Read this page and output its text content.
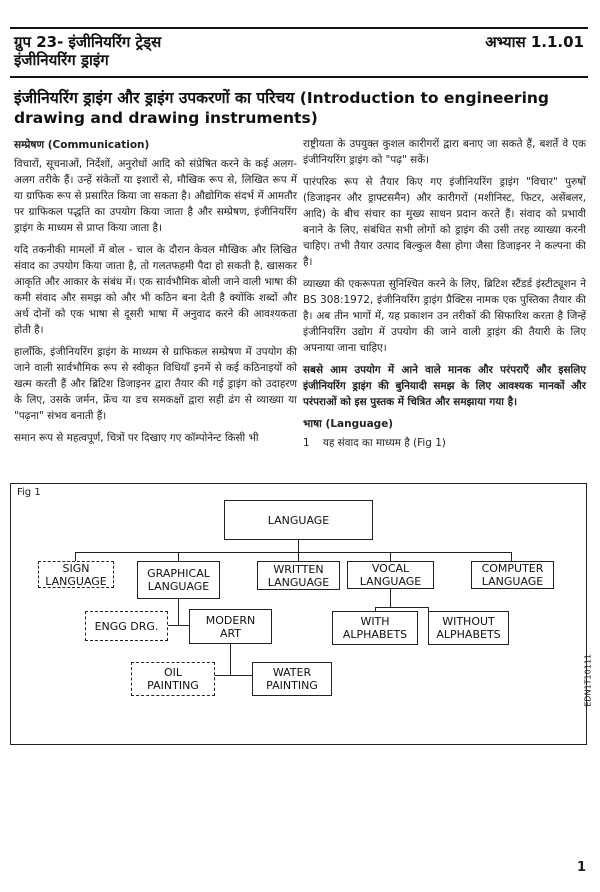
ग्रुप 23- इंजीनियरिंग ट्रेड्स
इंजीनियरिंग ड्राइंग
अभ्यास 1.1.01
इंजीनियरिंग ड्राइंग और ड्राइंग उपकरणों का परिचय (Introduction to engineering drawing and drawing instruments)
सम्प्रेषण (Communication)

विचारों, सूचनाओं, निर्देशों, अनुरोधों आदि को संप्रेषित करने के कई अलग-अलग तरीके हैं। उन्हें संकेतों या इशारों से, मौखिक रूप से, लिखित रूप में या ग्राफिक रूप से प्रसारित किया जा सकता है। औद्योगिक संदर्भ में आमतौर पर ग्राफिकल पद्धति का उपयोग किया जाता है और सम्प्रेषण, इंजीनियरिंग ड्राइंग के माध्यम से प्राप्त किया जाता है।

यदि तकनीकी मामलों में बोल - चाल के दौरान केवल मौखिक और लिखित संवाद का उपयोग किया जाता है, तो गलतफहमी पैदा हो सकती है, खासकर आकृति और आकार के संबंध में। एक सार्वभौमिक बोली जाने वाली भाषा की कमी संवाद और समझ को और भी कठिन बना देती है क्योंकि शब्दों और अर्थ दोनों को एक भाषा से दूसरी भाषा में अनुवाद करने की आवश्यकता होती है।

हालाँकि, इंजीनियरिंग ड्राइंग के माध्यम से ग्राफिकल सम्प्रेषण में उपयोग की जाने वाली सार्वभौमिक रूप से स्वीकृत विधियाँ इनमें से कई कठिनाइयों को खत्म करती हैं और ब्रिटिश डिजाइनर द्वारा तैयार की गई ड्राइंग को उदाहरण के लिए, उसके जर्मन, फ्रेंच या डच समकक्षों द्वारा सही ढंग से व्याख्या या "पढ़ना" संभव बनाती हैं।

समान रूप से महत्वपूर्ण, चित्रों पर दिखाए गए कॉम्पोनेन्ट किसी भी

राष्ट्रीयता के उपयुक्त कुशल कारीगरों द्वारा बनाए जा सकते हैं, बशर्ते वे एक इंजीनियरिंग ड्राइंग को "पढ़" सकें।

पारंपरिक रूप से तैयार किए गए इंजीनियरिंग ड्राइंग "विचार" पुरुषों (डिजाइनर और ड्राफ्टसमैन) और कारीगरों (मशीनिस्ट, फिटर, असेंबलर, आदि) के बीच संचार का मुख्य साधन प्रदान करते हैं। संवाद को प्रभावी बनाने के लिए, संबंधित सभी लोगों को ड्राइंग की उसी तरह व्याख्या करनी चाहिए। तभी तैयार उत्पाद बिल्कुल वैसा होगा जैसा डिजाइनर ने कल्पना की है।

व्याख्या की एकरूपता सुनिश्चित करने के लिए, ब्रिटिश स्टैंडर्ड इंस्टीट्यूशन ने BS 308:1972, इंजीनियरिंग ड्राइंग प्रैक्टिस नामक एक पुस्तिका तैयार की है। अब तीन भागों में, यह प्रकाशन उन तरीकों की सिफारिश करता है जिन्हें इंजीनियरिंग उद्योग में उपयोग की जाने वाली ड्राइंग की तैयारी के लिए अपनाया जाना चाहिए।

सबसे आम उपयोग में आने वाले मानक और परंपराएँ और इसलिए इंजीनियरिंग ड्राइंग की बुनियादी समझ के लिए आवश्यक मानकों और परंपराओं को इस पुस्तक में चित्रित और समझाया गया है।

भाषा (Language)
1    यह संवाद का माध्यम है (Fig 1)
Fig 1
EDN1T10111
LANGUAGE
SIGN
LANGUAGE
GRAPHICAL
LANGUAGE
WRITTEN
LANGUAGE
VOCAL
LANGUAGE
COMPUTER
LANGUAGE
ENGG DRG.	MODERN
ART
WITH
ALPHABETS
WITHOUT
ALPHABETS
OIL
PAINTING
WATER
PAINTING
1
